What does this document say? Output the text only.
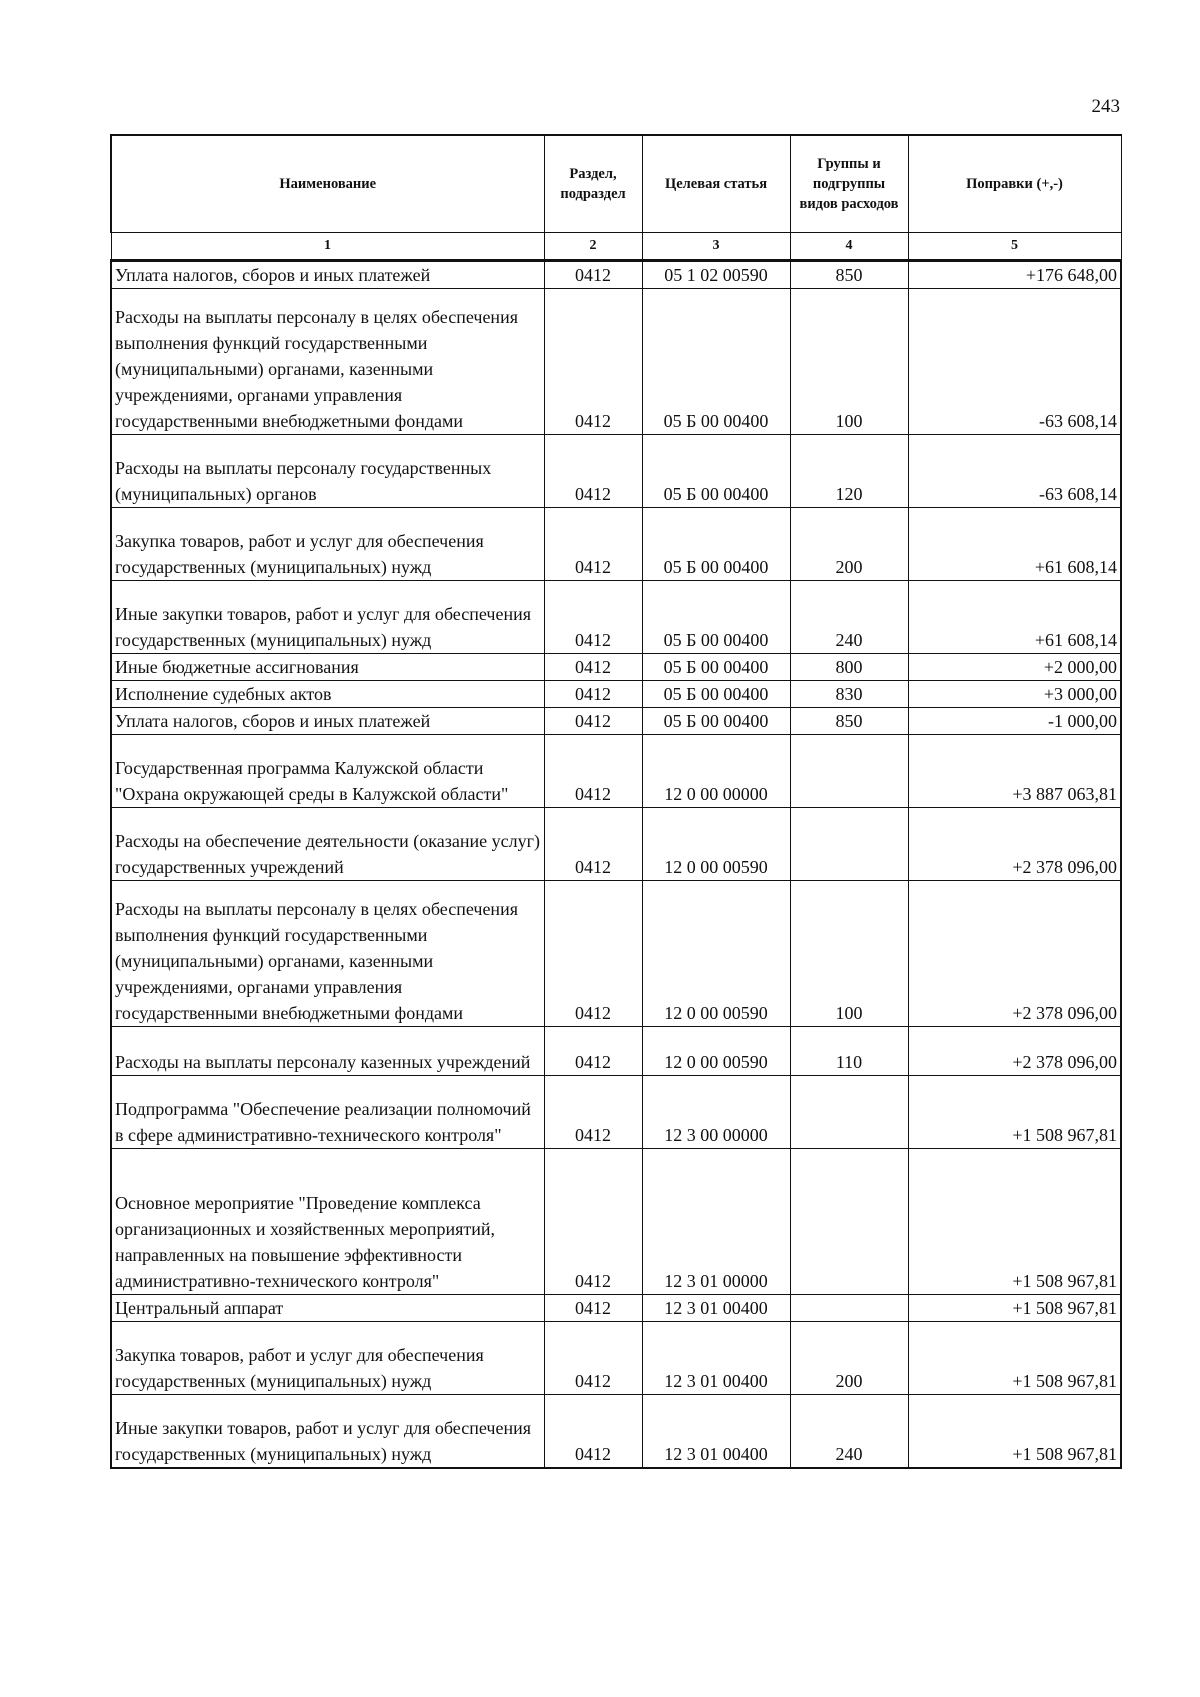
243
Наименование	Раздел, подраздел	Целевая статья	Группы и подгруппы видов расходов	Поправки (+,-)
1	2	3	4	5
Уплата налогов, сборов и иных платежей	0412	05 1 02 00590	850	+176 648,00
Расходы на выплаты персоналу в целях обеспечения выполнения функций государственными (муниципальными) органами, казенными учреждениями, органами управления государственными внебюджетными фондами	0412	05 Б 00 00400	100	-63 608,14
Расходы на выплаты персоналу государственных (муниципальных) органов	0412	05 Б 00 00400	120	-63 608,14
Закупка товаров, работ и услуг для обеспечения государственных (муниципальных) нужд	0412	05 Б 00 00400	200	+61 608,14
Иные закупки товаров, работ и услуг для обеспечения государственных (муниципальных) нужд	0412	05 Б 00 00400	240	+61 608,14
Иные бюджетные ассигнования	0412	05 Б 00 00400	800	+2 000,00
Исполнение судебных актов	0412	05 Б 00 00400	830	+3 000,00
Уплата налогов, сборов и иных платежей	0412	05 Б 00 00400	850	-1 000,00
Государственная программа Калужской области "Охрана окружающей среды в Калужской области"	0412	12 0 00 00000		+3 887 063,81
Расходы на обеспечение деятельности (оказание услуг) государственных учреждений	0412	12 0 00 00590		+2 378 096,00
Расходы на выплаты персоналу в целях обеспечения выполнения функций государственными (муниципальными) органами, казенными учреждениями, органами управления государственными внебюджетными фондами	0412	12 0 00 00590	100	+2 378 096,00
Расходы на выплаты персоналу казенных учреждений	0412	12 0 00 00590	110	+2 378 096,00
Подпрограмма "Обеспечение реализации полномочий в сфере административно-технического контроля"	0412	12 3 00 00000		+1 508 967,81
Основное мероприятие "Проведение комплекса организационных и хозяйственных мероприятий, направленных на повышение эффективности административно-технического контроля"	0412	12 3 01 00000		+1 508 967,81
Центральный аппарат	0412	12 3 01 00400		+1 508 967,81
Закупка товаров, работ и услуг для обеспечения государственных (муниципальных) нужд	0412	12 3 01 00400	200	+1 508 967,81
Иные закупки товаров, работ и услуг для обеспечения государственных (муниципальных) нужд	0412	12 3 01 00400	240	+1 508 967,81
